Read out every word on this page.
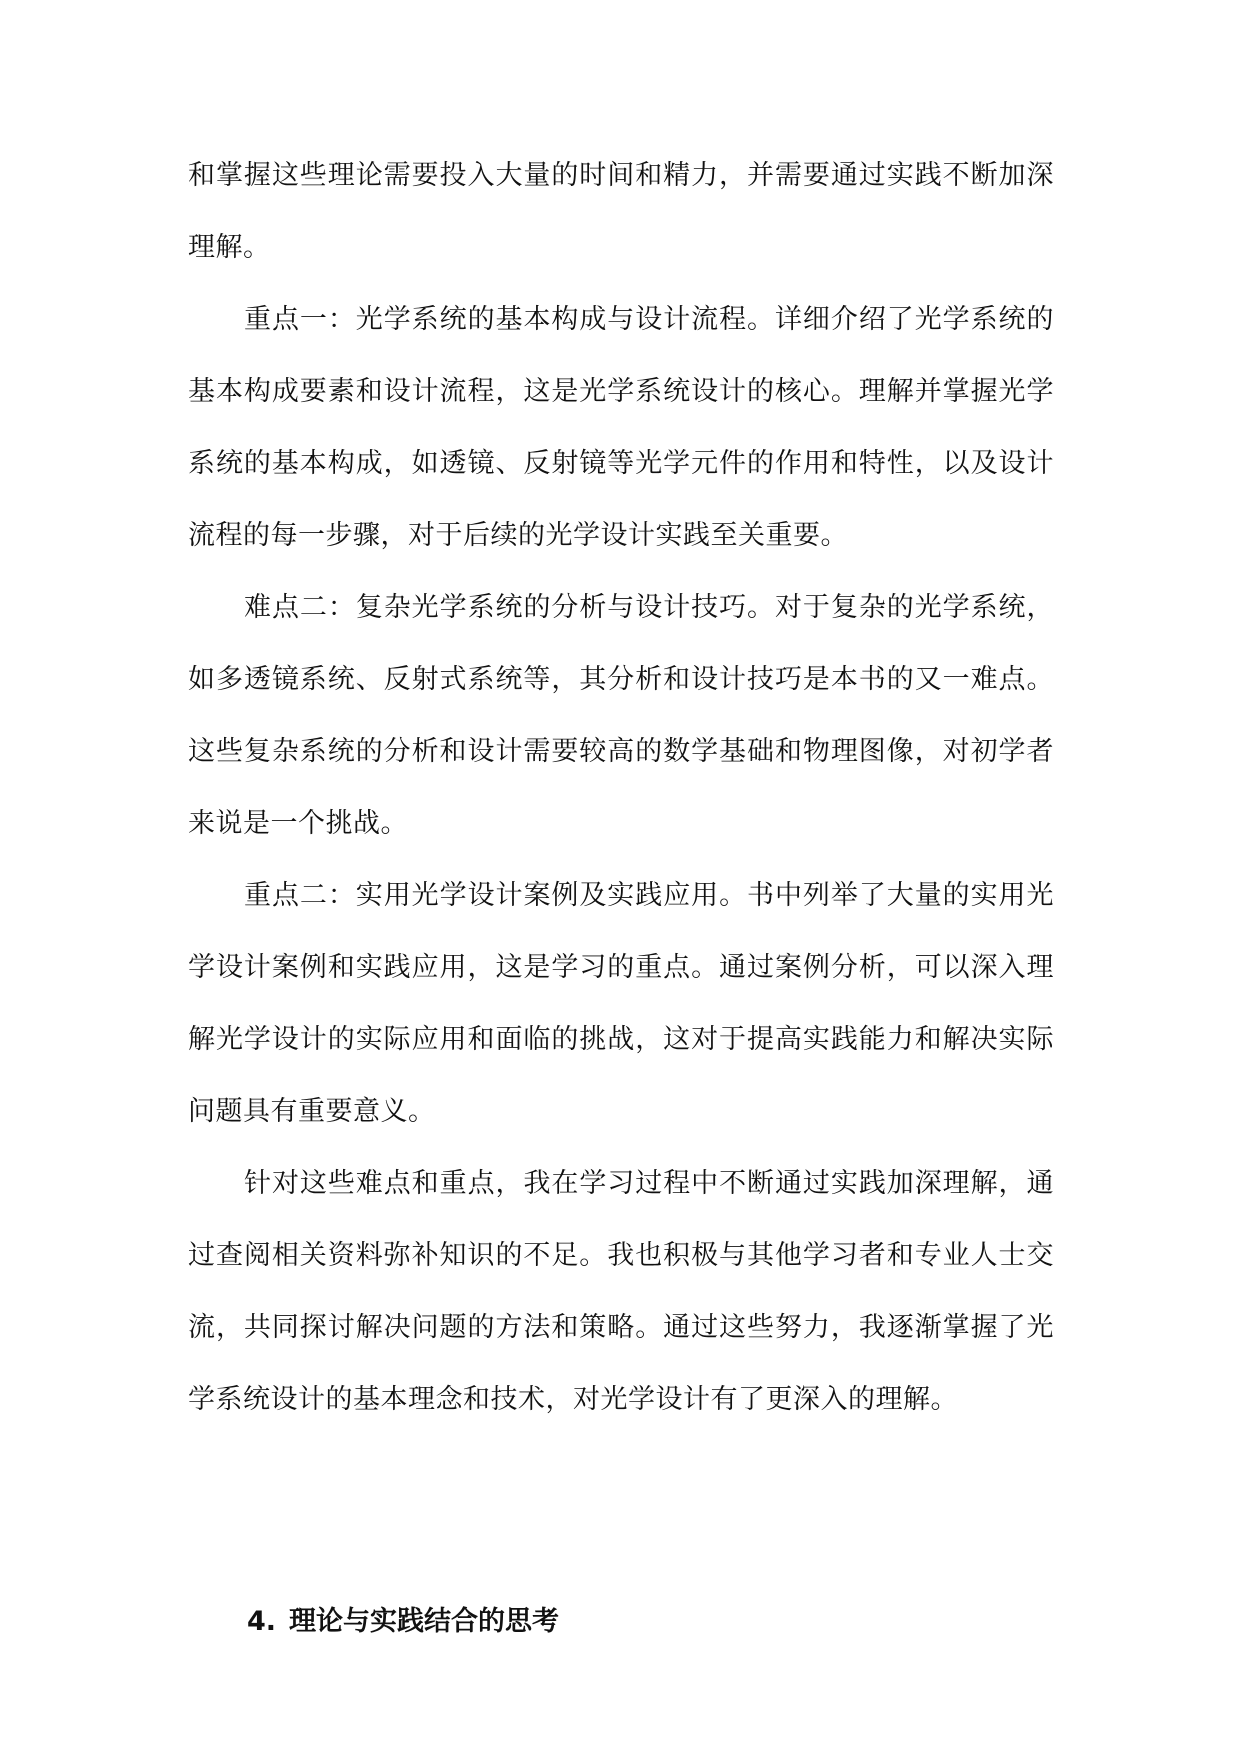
和掌握这些理论需要投入大量的时间和精力，并需要通过实践不断加深理解。

重点一：光学系统的基本构成与设计流程。详细介绍了光学系统的基本构成要素和设计流程，这是光学系统设计的核心。理解并掌握光学系统的基本构成，如透镜、反射镜等光学元件的作用和特性，以及设计流程的每一步骤，对于后续的光学设计实践至关重要。

难点二：复杂光学系统的分析与设计技巧。对于复杂的光学系统，如多透镜系统、反射式系统等，其分析和设计技巧是本书的又一难点。这些复杂系统的分析和设计需要较高的数学基础和物理图像，对初学者来说是一个挑战。

重点二：实用光学设计案例及实践应用。书中列举了大量的实用光学设计案例和实践应用，这是学习的重点。通过案例分析，可以深入理解光学设计的实际应用和面临的挑战，这对于提高实践能力和解决实际问题具有重要意义。

针对这些难点和重点，我在学习过程中不断通过实践加深理解，通过查阅相关资料弥补知识的不足。我也积极与其他学习者和专业人士交流，共同探讨解决问题的方法和策略。通过这些努力，我逐渐掌握了光学系统设计的基本理念和技术，对光学设计有了更深入的理解。

4. 理论与实践结合的思考
